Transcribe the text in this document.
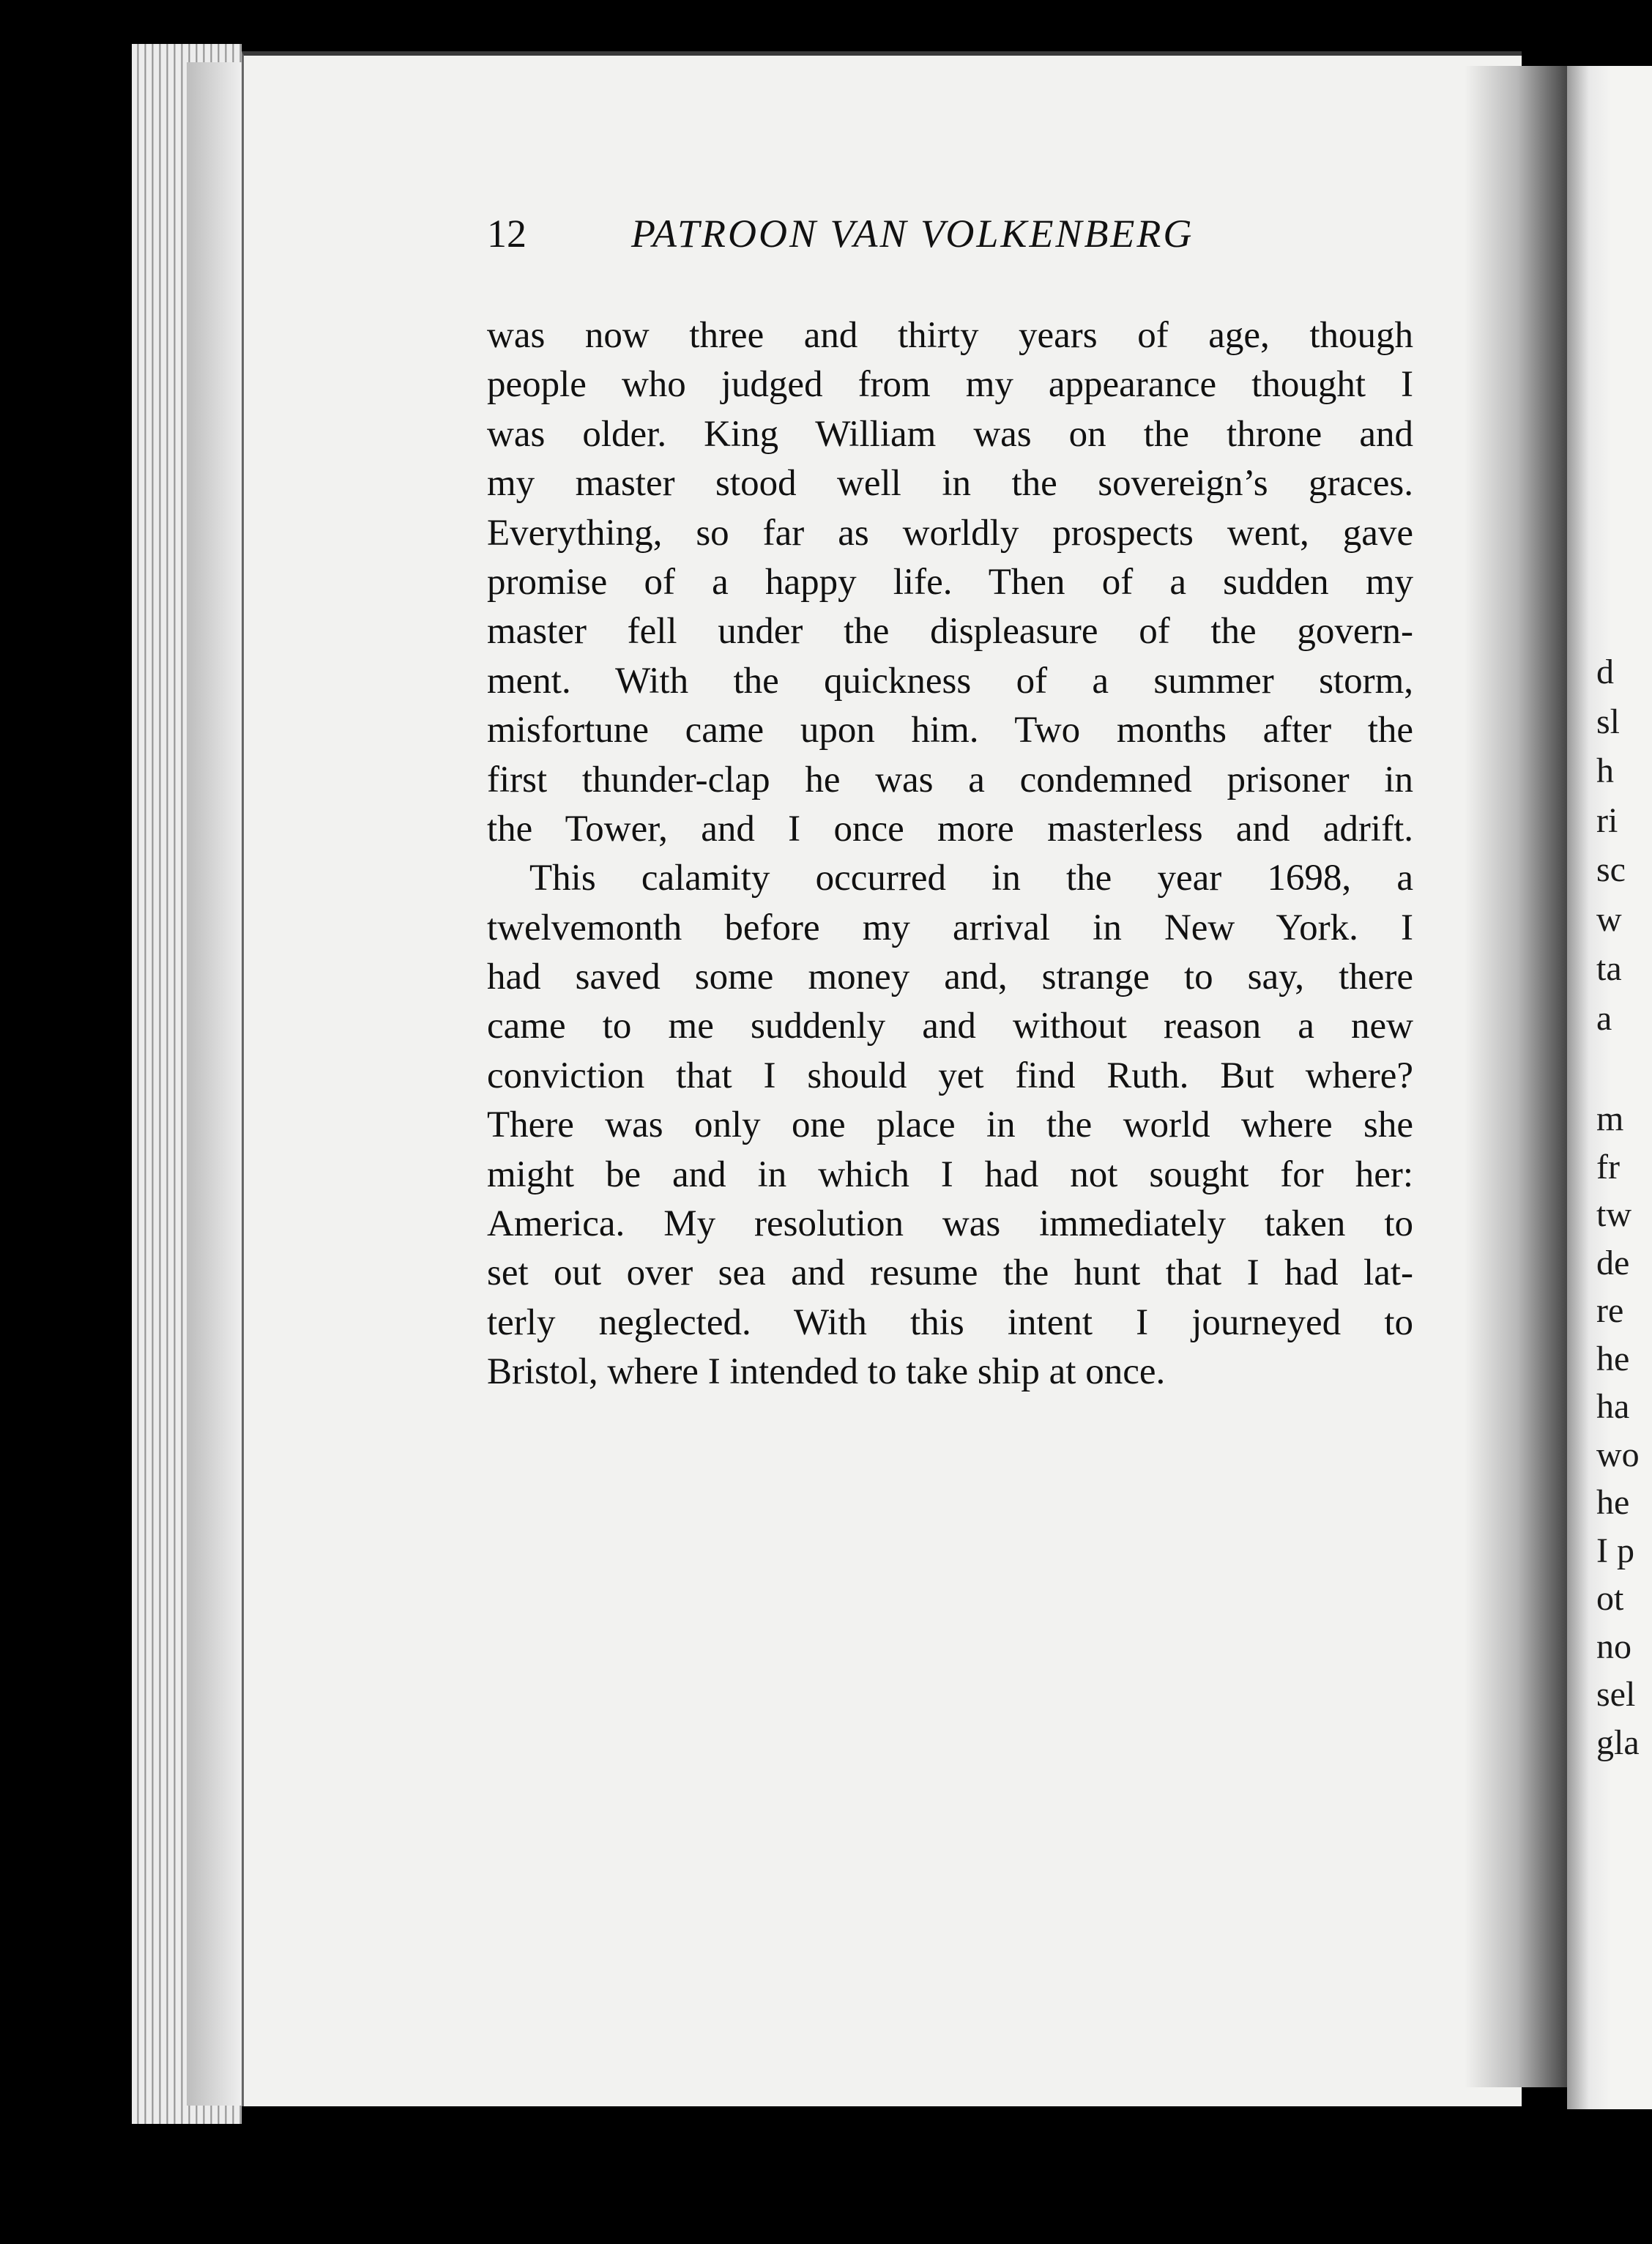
12	PATROON VAN VOLKENBERG
was now three and thirty years of age, though
people who judged from my appearance thought I
was older. King William was on the throne and
my master stood well in the sovereign’s graces.
Everything, so far as worldly prospects went, gave
promise of a happy life. Then of a sudden my
master fell under the displeasure of the govern-
ment. With the quickness of a summer storm,
misfortune came upon him. Two months after the
first thunder-clap he was a condemned prisoner in
the Tower, and I once more masterless and adrift.
This calamity occurred in the year 1698, a
twelvemonth before my arrival in New York. I
had saved some money and, strange to say, there
came to me suddenly and without reason a new
conviction that I should yet find Ruth. But where?
There was only one place in the world where she
might be and in which I had not sought for her:
America. My resolution was immediately taken to
set out over sea and resume the hunt that I had lat-
terly neglected. With this intent I journeyed to
Bristol, where I intended to take ship at once.
d
sl
h
ri
sc
w
ta
a
m
fr
tw
de
re
he
ha
wo
he
I p
ot
no
sel
gla
